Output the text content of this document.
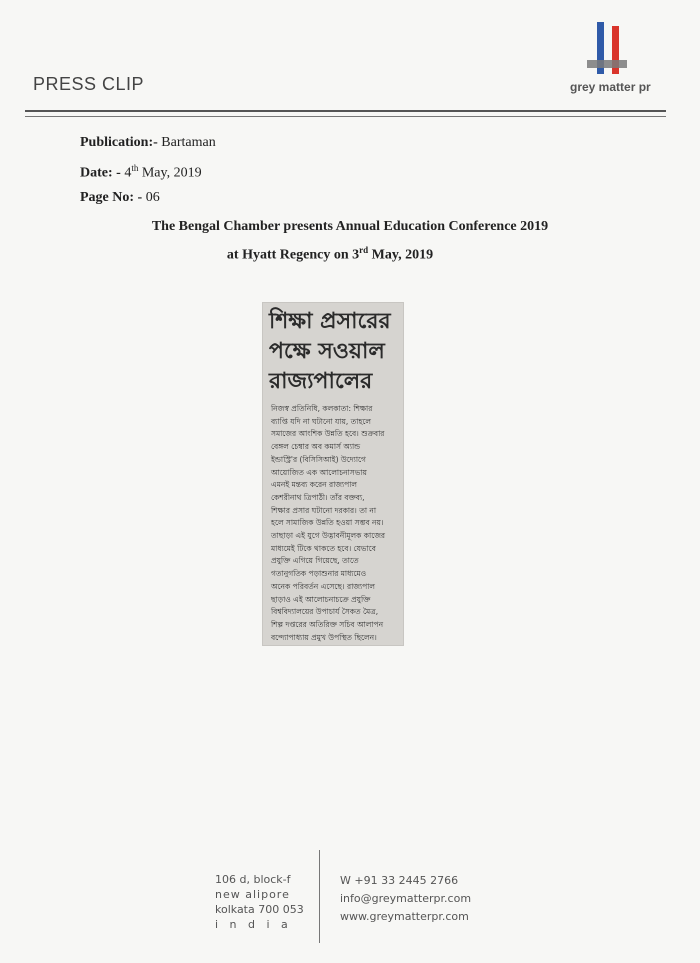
PRESS CLIP	grey matter pr
Publication:- Bartaman
Date: - 4th May, 2019
Page No: - 06
The Bengal Chamber presents Annual Education Conference 2019
at Hyatt Regency on 3rd May, 2019
শিক্ষা প্রসারের
পক্ষে সওয়াল
রাজ্যপালের
নিজস্ব প্রতিনিধি, কলকাতা: শিক্ষার
ব্যাপ্তি যদি না ঘটানো যায়, তাহলে
সমাজের আংশিক উন্নতি হবে। শুক্রবার
বেঙ্গল চেম্বার অব কমার্স অ্যান্ড
ইন্ডাস্ট্রি'র (বিসিসিআই) উদ্যোগে
আয়োজিত এক আলোচনাসভায়
এমনই মন্তব্য করেন রাজ্যপাল
কেশরীনাথ ত্রিপাঠী। তাঁর বক্তব্য,
শিক্ষার প্রসার ঘটানো দরকার। তা না
হলে সামাজিক উন্নতি হওয়া সম্ভব নয়।
তাছাড়া এই যুগে উদ্ভাবনীমূলক কাজের
মাধ্যমেই টিকে থাকতে হবে। যেভাবে
প্রযুক্তি এগিয়ে গিয়েছে, তাতে
গতানুগতিক পড়াশুনার মাধ্যমেও
অনেক পরিবর্তন এসেছে। রাজ্যপাল
ছাড়াও এই আলোচনাচক্রে প্রযুক্তি
বিশ্ববিদ্যালয়ের উপাচার্য সৈকত মৈত্র,
শিল্প দপ্তরের অতিরিক্ত সচিব আলাপন
বন্দ্যোপাধ্যায় প্রমুখ উপস্থিত ছিলেন।
106 d, block-f
new alipore
kolkata 700 053
i n d i a
W +91 33 2445 2766
info@greymatterpr.com
www.greymatterpr.com
